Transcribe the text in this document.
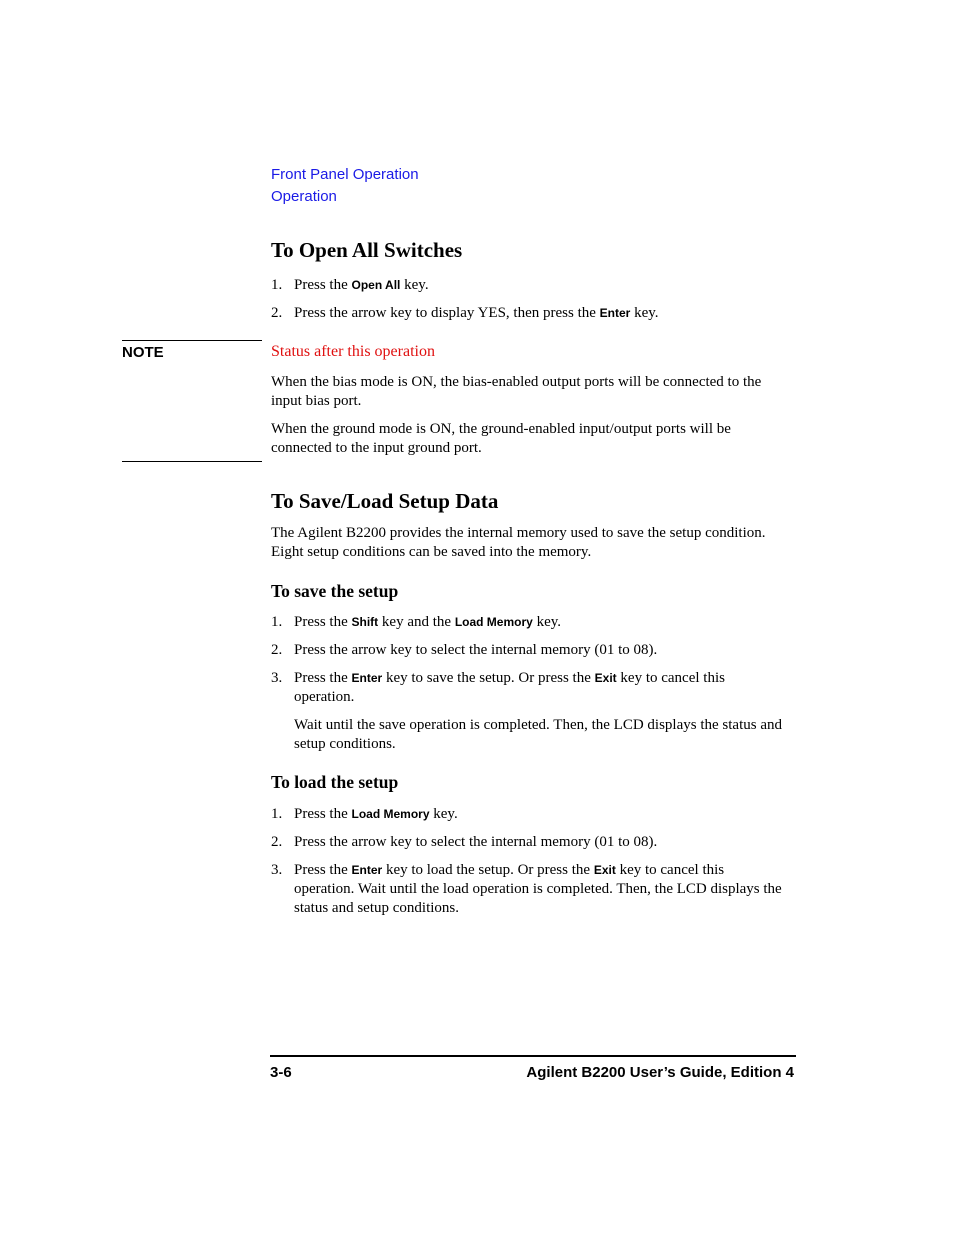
Front Panel Operation
Operation
To Open All Switches
1. Press the Open All key.
2. Press the arrow key to display YES, then press the Enter key.
NOTE	Status after this operation
When the bias mode is ON, the bias-enabled output ports will be connected to the input bias port.
When the ground mode is ON, the ground-enabled input/output ports will be connected to the input ground port.
To Save/Load Setup Data
The Agilent B2200 provides the internal memory used to save the setup condition. Eight setup conditions can be saved into the memory.
To save the setup
1. Press the Shift key and the Load Memory key.
2. Press the arrow key to select the internal memory (01 to 08).
3. Press the Enter key to save the setup. Or press the Exit key to cancel this operation.
Wait until the save operation is completed. Then, the LCD displays the status and setup conditions.
To load the setup
1. Press the Load Memory key.
2. Press the arrow key to select the internal memory (01 to 08).
3. Press the Enter key to load the setup. Or press the Exit key to cancel this operation. Wait until the load operation is completed. Then, the LCD displays the status and setup conditions.
3-6	Agilent B2200 User’s Guide, Edition 4
